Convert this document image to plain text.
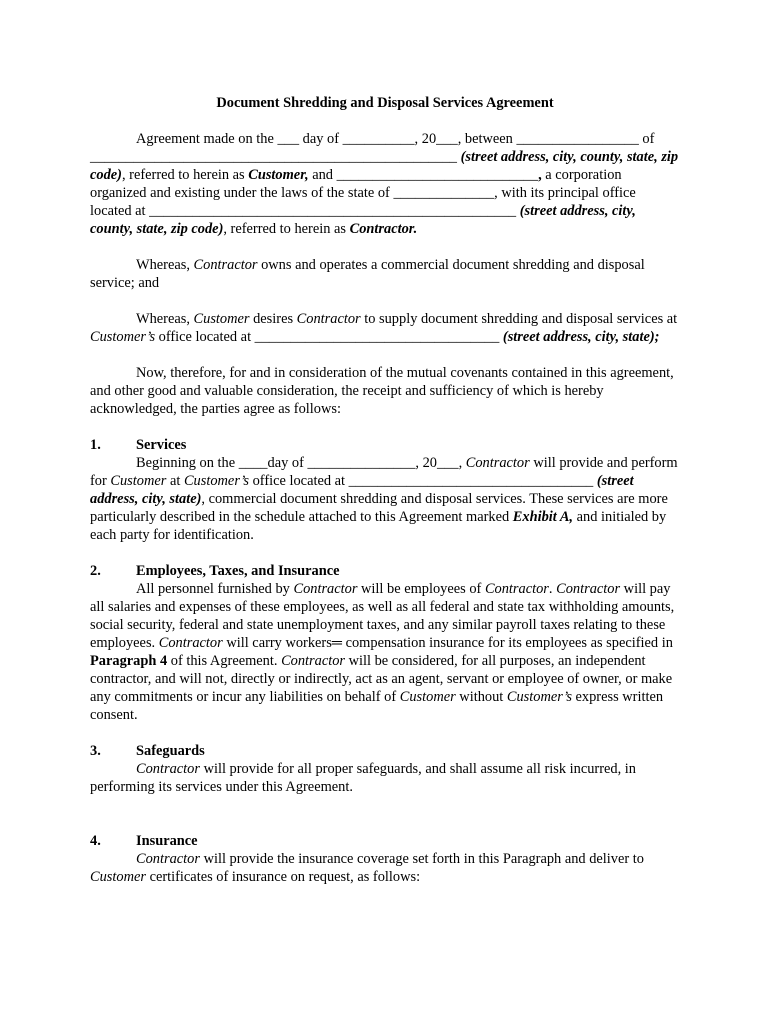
Document Shredding and Disposal Services Agreement

Agreement made on the ___ day of __________, 20___, between _________________ of ___________________________________________________ (street address, city, county, state, zip code), referred to herein as Customer, and ____________________________, a corporation organized and existing under the laws of the state of ______________, with its principal office located at ___________________________________________________ (street address, city, county, state, zip code), referred to herein as Contractor.

Whereas, Contractor owns and operates a commercial document shredding and disposal service; and

Whereas, Customer desires Contractor to supply document shredding and disposal services at Customer’s office located at __________________________________ (street address, city, state);

Now, therefore, for and in consideration of the mutual covenants contained in this agreement, and other good and valuable consideration, the receipt and sufficiency of which is hereby acknowledged, the parties agree as follows:

1.	Services
Beginning on the ____day of _______________, 20___, Contractor will provide and perform for Customer at Customer’s office located at __________________________________ (street address, city, state), commercial document shredding and disposal services. These services are more particularly described in the schedule attached to this Agreement marked Exhibit A, and initialed by each party for identification.
2.	Employees, Taxes, and Insurance
All personnel furnished by Contractor will be employees of Contractor. Contractor will pay all salaries and expenses of these employees, as well as all federal and state tax withholding amounts, social security, federal and state unemployment taxes, and any similar payroll taxes relating to these employees. Contractor will carry workers═ compensation insurance for its employees as specified in Paragraph 4 of this Agreement. Contractor will be considered, for all purposes, an independent contractor, and will not, directly or indirectly, act as an agent, servant or employee of owner, or make any commitments or incur any liabilities on behalf of Customer without Customer’s express written consent.
3.	Safeguards
Contractor will provide for all proper safeguards, and shall assume all risk incurred, in performing its services under this Agreement.
4.	Insurance
Contractor will provide the insurance coverage set forth in this Paragraph and deliver to Customer certificates of insurance on request, as follows:
